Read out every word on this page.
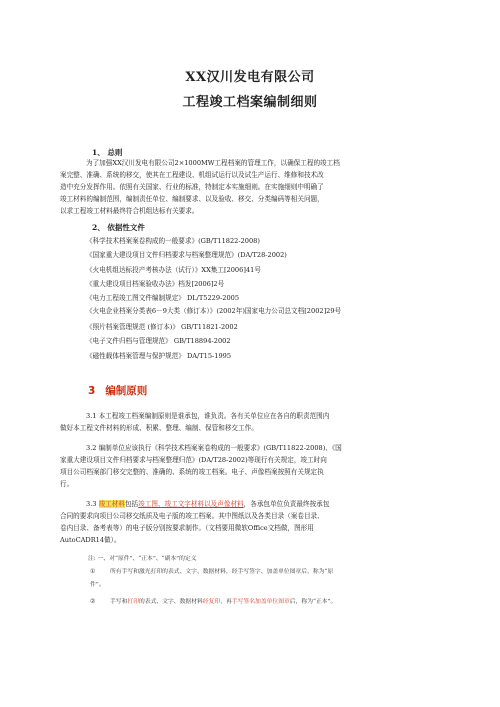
XX汉川发电有限公司
工程竣工档案编制细则
1、 总则

为了加强XX汉川发电有限公司2×1000MW工程档案的管理工作，以确保工程的竣工档

案完整、准确、系统的移交，使其在工程建设、机组试运行以及试生产运行、维修和技术改

造中充分发挥作用。依照有关国家、行业的标准，特制定本实施细则。在实施细则中明确了

竣工材料的编制范围，编制责任单位、编制要求、以及验收、移交、分类编码等相关问题，

以求工程竣工材料最终符合机组达标有关要求。

2、 依据性文件
《科学技术档案案卷构成的一般要求》(GB/T11822-2008)
《国家重大建设项目文件归档要求与档案整理规范》(DA/T28-2002)
《火电机组达标投产考核办法（试行）》XX集工[2006]41号
《重大建设项目档案验收办法》档发[2006]2号
《电力工程竣工图文件编制规定》 DL/T5229-2005
《火电企业档案分类表6－9大类（修订本）》(2002年)国家电力公司总文档[2002]29号
《照片档案管理规范 (修订本)》 GB/T11821-2002
《电子文件归档与管理规范》 GB/T18894-2002
《磁性载体档案管理与保护规范》 DA/T15-1995
3 编制原则

3.1 本工程竣工档案编制原则是谁承包，谁负责。各有关单位应在各自的职责范围内

做好本工程文件材料的形成、积累、整理、编制、保管和移交工作。

3.2 编制单位应该执行《科学技术档案案卷构成的一般要求》(GB/T11822-2008)、《国

家重大建设项目文件归档要求与档案整理归范》(DA/T28-2002)等现行有关规定，竣工时向

项目公司档案部门移交完整的、准确的、系统的竣工档案。电子、声像档案按照有关规定执

行。

3.3 竣工材料包括竣工图、竣工文字材料以及声像材料，各承包单位负责最终按承包

合同的要求向项目公司移交纸质及电子版的竣工档案。其中图纸以及各类目录（案卷目录、

卷内目录、备考表等）的电子版分别按要求制作。（文档要用微软Office文档做，图形用

AutoCADR14做）。

注: 一、对“原件”、“正本”、“副本”的定义
①	所有手写和激光打印的表式、文字、数据材料，经手写签字、加盖单位图章后，称为“原
件”。
②	手写和打印的表式、文字、数据材料经复印，再手写签名加盖单位图章后，称为“正本”。
